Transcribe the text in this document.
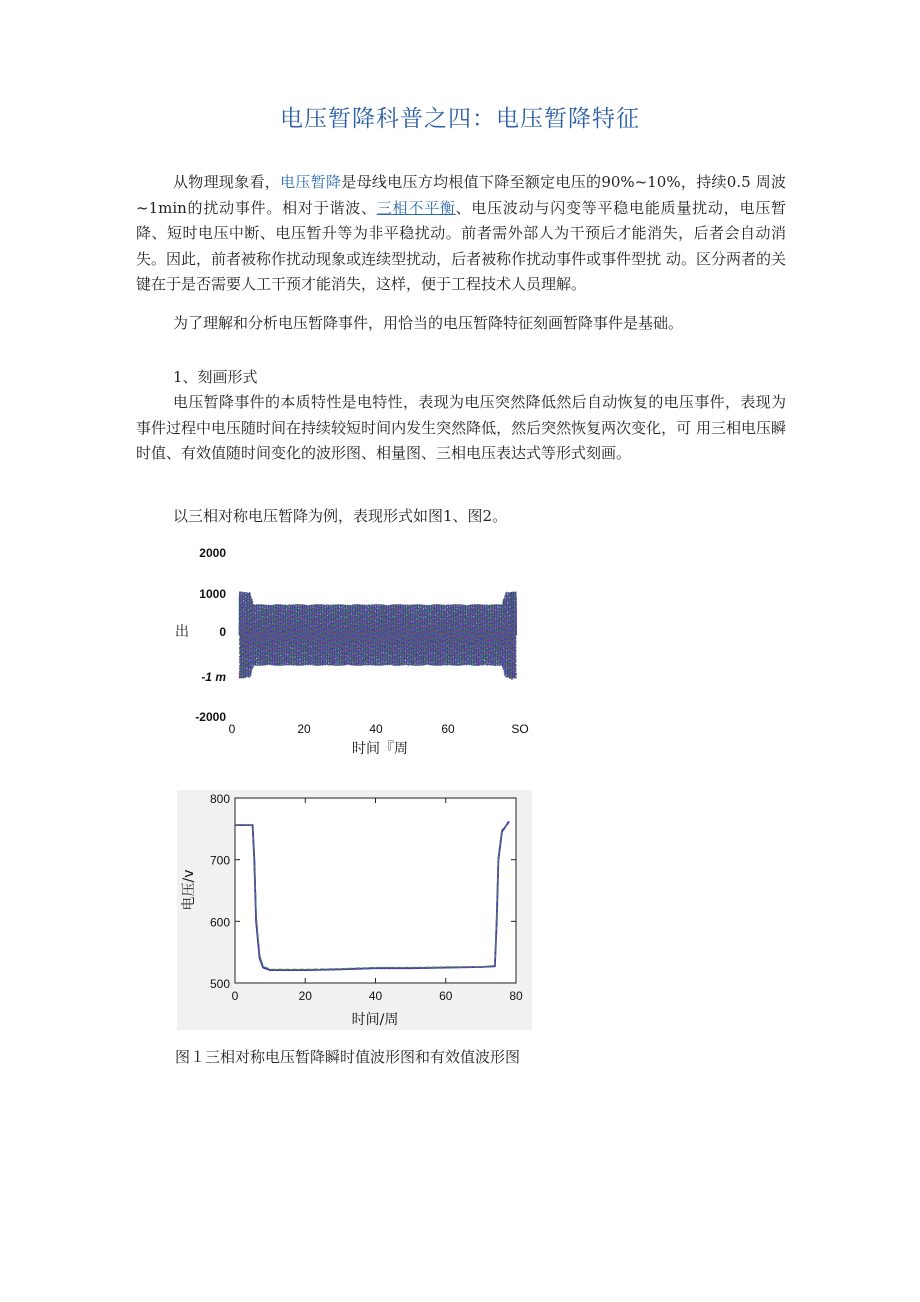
电压暂降科普之四：电压暂降特征

从物理现象看，电压暂降是母线电压方均根值下降至额定电压的90%~10%，持续0.5 周波~1min的扰动事件。相对于谐波、三相不平衡、电压波动与闪变等平稳电能质量扰动，电压暂降、短时电压中断、电压暂升等为非平稳扰动。前者需外部人为干预后才能消失，后者会自动消失。因此，前者被称作扰动现象或连续型扰动，后者被称作扰动事件或事件型扰 动。区分两者的关键在于是否需要人工干预才能消失，这样，便于工程技术人员理解。

为了理解和分析电压暂降事件，用恰当的电压暂降特征刻画暂降事件是基础。

1、刻画形式

电压暂降事件的本质特性是电特性，表现为电压突然降低然后自动恢复的电压事件，表现为事件过程中电压随时间在持续较短时间内发生突然降低，然后突然恢复两次变化，可 用三相电压瞬时值、有效值随时间变化的波形图、相量图、三相电压表达式等形式刻画。

以三相对称电压暂降为例，表现形式如图1、图2。

2000
1000
0
-1 m
-2000
0	20	40	60	SO
出
时间『周
800
700
600
500
0	20	40	60	80
电压/v
时间/周
图１三相对称电压暂降瞬时值波形图和有效值波形图
